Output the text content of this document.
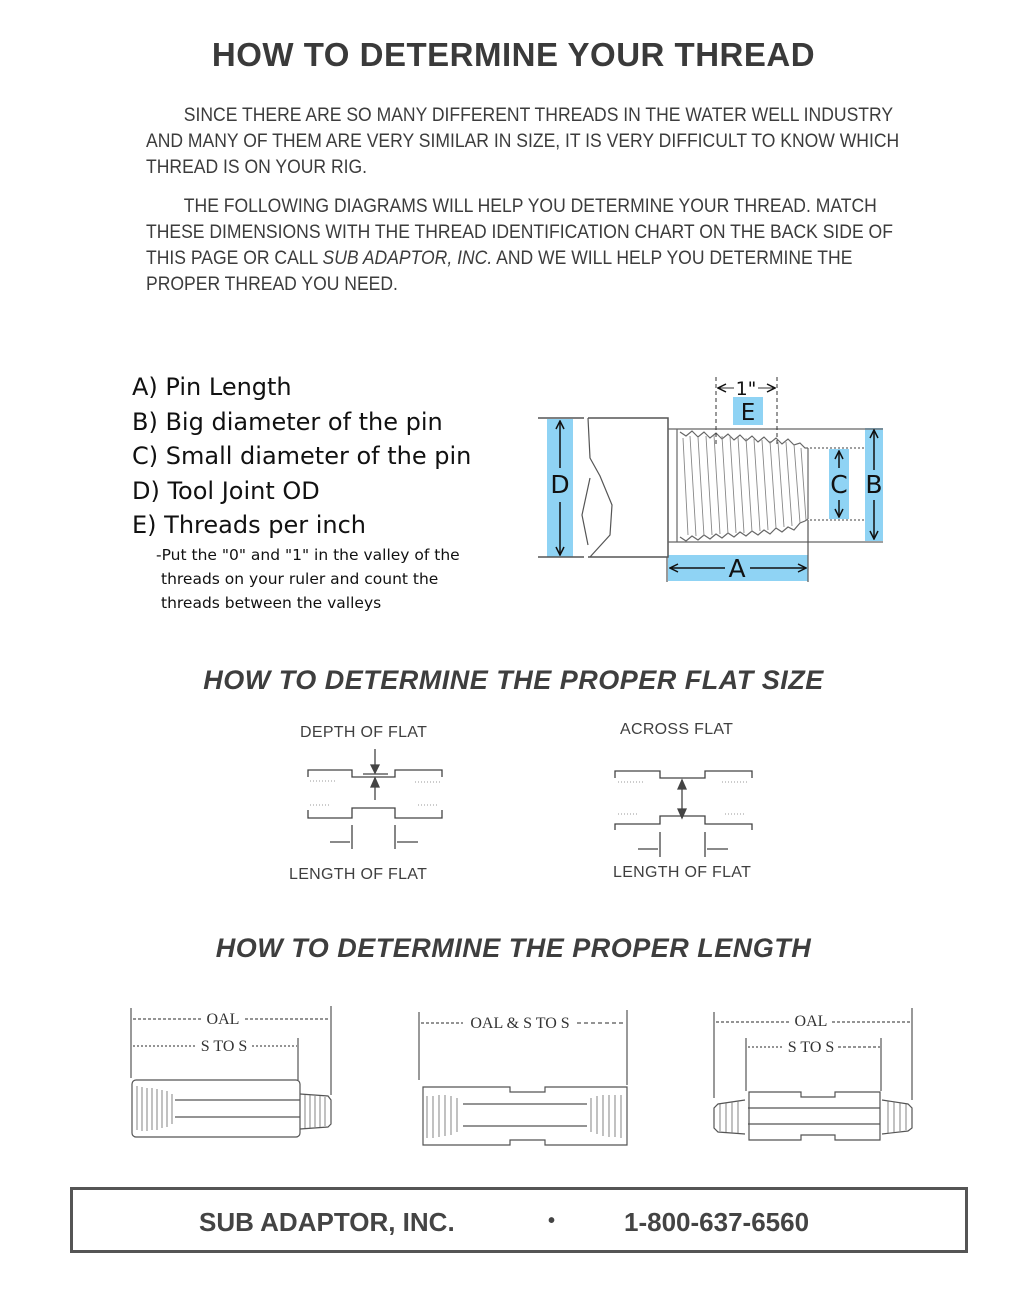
HOW TO DETERMINE YOUR THREAD
SINCE THERE ARE SO MANY DIFFERENT THREADS IN THE WATER WELL INDUSTRY AND MANY OF THEM ARE VERY SIMILAR IN SIZE, IT IS VERY DIFFICULT TO KNOW WHICH THREAD IS ON YOUR RIG.
THE FOLLOWING DIAGRAMS WILL HELP YOU DETERMINE YOUR THREAD. MATCH THESE DIMENSIONS WITH THE THREAD IDENTIFICATION CHART ON THE BACK SIDE OF THIS PAGE OR CALL SUB ADAPTOR, INC. AND WE WILL HELP YOU DETERMINE THE PROPER THREAD YOU NEED.
A) Pin Length
B) Big diameter of the pin
C) Small diameter of the pin
D) Tool Joint OD
E) Threads per inch
-Put the "0" and "1" in the valley of the
threads on your ruler and count the
threads between the valleys
1"
E
D	B
C
A
HOW TO DETERMINE THE PROPER FLAT SIZE
DEPTH OF FLAT	ACROSS FLAT
LENGTH OF FLAT	LENGTH OF FLAT
HOW TO DETERMINE THE PROPER LENGTH
OAL
S TO S
OAL & S TO S	OAL
S TO S
SUB ADAPTOR, INC.	•	1-800-637-6560
